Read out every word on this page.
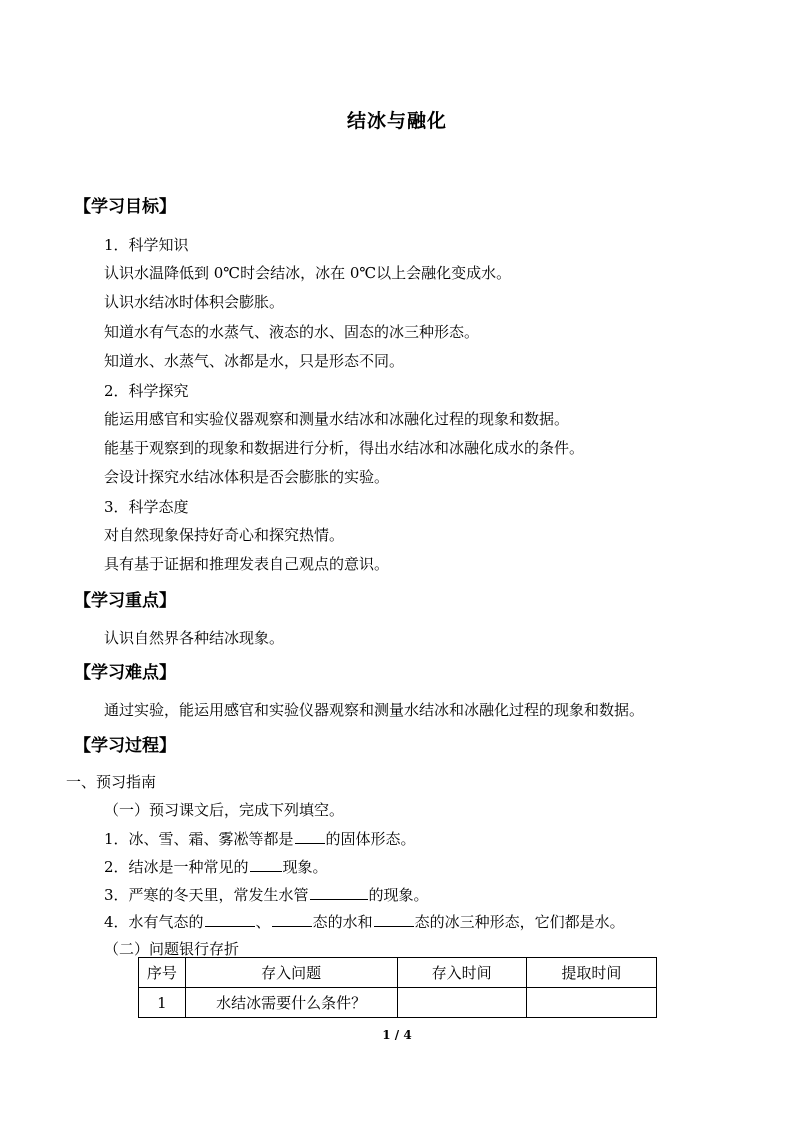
结冰与融化
【学习目标】
1．科学知识
认识水温降低到 0℃时会结冰，冰在 0℃以上会融化变成水。
认识水结冰时体积会膨胀。
知道水有气态的水蒸气、液态的水、固态的冰三种形态。
知道水、水蒸气、冰都是水，只是形态不同。
2．科学探究
能运用感官和实验仪器观察和测量水结冰和冰融化过程的现象和数据。
能基于观察到的现象和数据进行分析，得出水结冰和冰融化成水的条件。
会设计探究水结冰体积是否会膨胀的实验。
3．科学态度
对自然现象保持好奇心和探究热情。
具有基于证据和推理发表自己观点的意识。
【学习重点】
认识自然界各种结冰现象。
【学习难点】
通过实验，能运用感官和实验仪器观察和测量水结冰和冰融化过程的现象和数据。
【学习过程】
一、预习指南
（一）预习课文后，完成下列填空。
1．冰、雪、霜、雾凇等都是 的固体形态。
2．结冰是一种常见的 现象。
3．严寒的冬天里，常发生水管	的现象。
4．水有气态的	、	态的水和	态的冰三种形态，它们都是水。
（二）问题银行存折
序号	存入问题	存入时间	提取时间
1	水结冰需要什么条件？		
1 / 4
